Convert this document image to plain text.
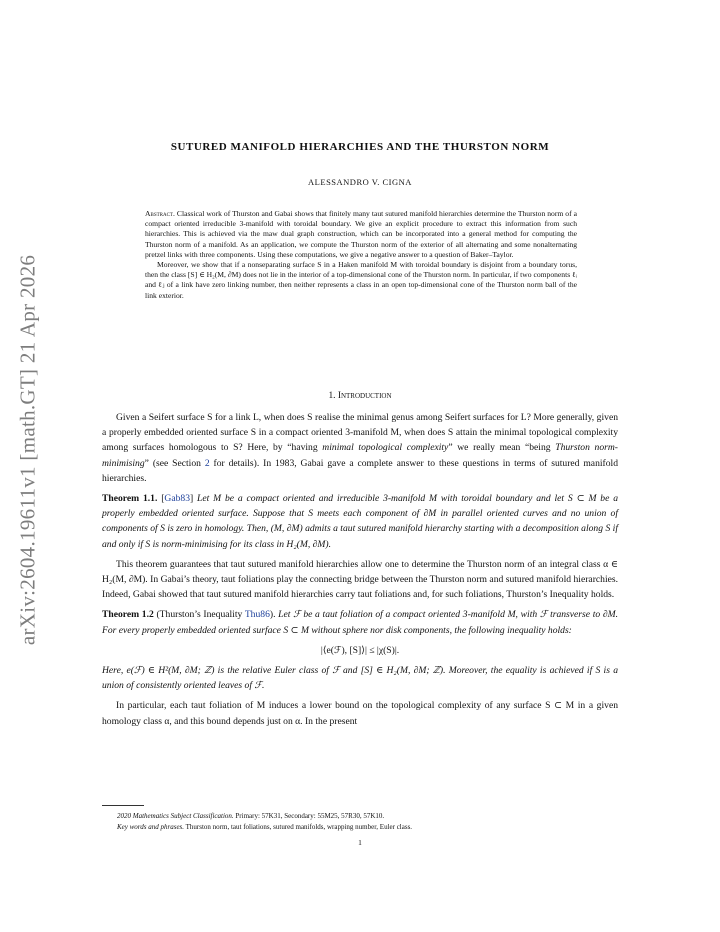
arXiv:2604.19611v1 [math.GT] 21 Apr 2026
SUTURED MANIFOLD HIERARCHIES AND THE THURSTON NORM
ALESSANDRO V. CIGNA

Abstract. Classical work of Thurston and Gabai shows that finitely many taut sutured manifold hierarchies determine the Thurston norm of a compact oriented irreducible 3-manifold with toroidal boundary. We give an explicit procedure to extract this information from such hierarchies. This is achieved via the maw dual graph construction, which can be incorporated into a general method for computing the Thurston norm of a manifold. As an application, we compute the Thurston norm of the exterior of all alternating and some nonalternating pretzel links with three components. Using these computations, we give a negative answer to a question of Baker–Taylor.

Moreover, we show that if a nonseparating surface S in a Haken manifold M with toroidal boundary is disjoint from a boundary torus, then the class [S] ∈ H₂(M, ∂M) does not lie in the interior of a top-dimensional cone of the Thurston norm. In particular, if two components ℓᵢ and ℓⱼ of a link have zero linking number, then neither represents a class in an open top-dimensional cone of the Thurston norm ball of the link exterior.

1. Introduction

Given a Seifert surface S for a link L, when does S realise the minimal genus among Seifert surfaces for L? More generally, given a properly embedded oriented surface S in a compact oriented 3-manifold M, when does S attain the minimal topological complexity among surfaces homologous to S? Here, by “having minimal topological complexity” we really mean “being Thurston norm-minimising” (see Section 2 for details). In 1983, Gabai gave a complete answer to these questions in terms of sutured manifold hierarchies.

Theorem 1.1. [Gab83] Let M be a compact oriented and irreducible 3-manifold M with toroidal boundary and let S ⊂ M be a properly embedded oriented surface. Suppose that S meets each component of ∂M in parallel oriented curves and no union of components of S is zero in homology. Then, (M, ∂M) admits a taut sutured manifold hierarchy starting with a decomposition along S if and only if S is norm-minimising for its class in H₂(M, ∂M).

This theorem guarantees that taut sutured manifold hierarchies allow one to determine the Thurston norm of an integral class α ∈ H₂(M, ∂M). In Gabai’s theory, taut foliations play the connecting bridge between the Thurston norm and sutured manifold hierarchies. Indeed, Gabai showed that taut sutured manifold hierarchies carry taut foliations and, for such foliations, Thurston’s Inequality holds.

Theorem 1.2 (Thurston’s Inequality Thu86). Let ℱ be a taut foliation of a compact oriented 3-manifold M, with ℱ transverse to ∂M. For every properly embedded oriented surface S ⊂ M without sphere nor disk components, the following inequality holds:

|⟨e(ℱ), [S]⟩| ≤ |χ(S)|.

Here, e(ℱ) ∈ H²(M, ∂M; ℤ) is the relative Euler class of ℱ and [S] ∈ H₂(M, ∂M; ℤ). Moreover, the equality is achieved if S is a union of consistently oriented leaves of ℱ.

In particular, each taut foliation of M induces a lower bound on the topological complexity of any surface S ⊂ M in a given homology class α, and this bound depends just on α. In the present

2020 Mathematics Subject Classification. Primary: 57K31, Secondary: 55M25, 57R30, 57K10.
Key words and phrases. Thurston norm, taut foliations, sutured manifolds, wrapping number, Euler class.
1
